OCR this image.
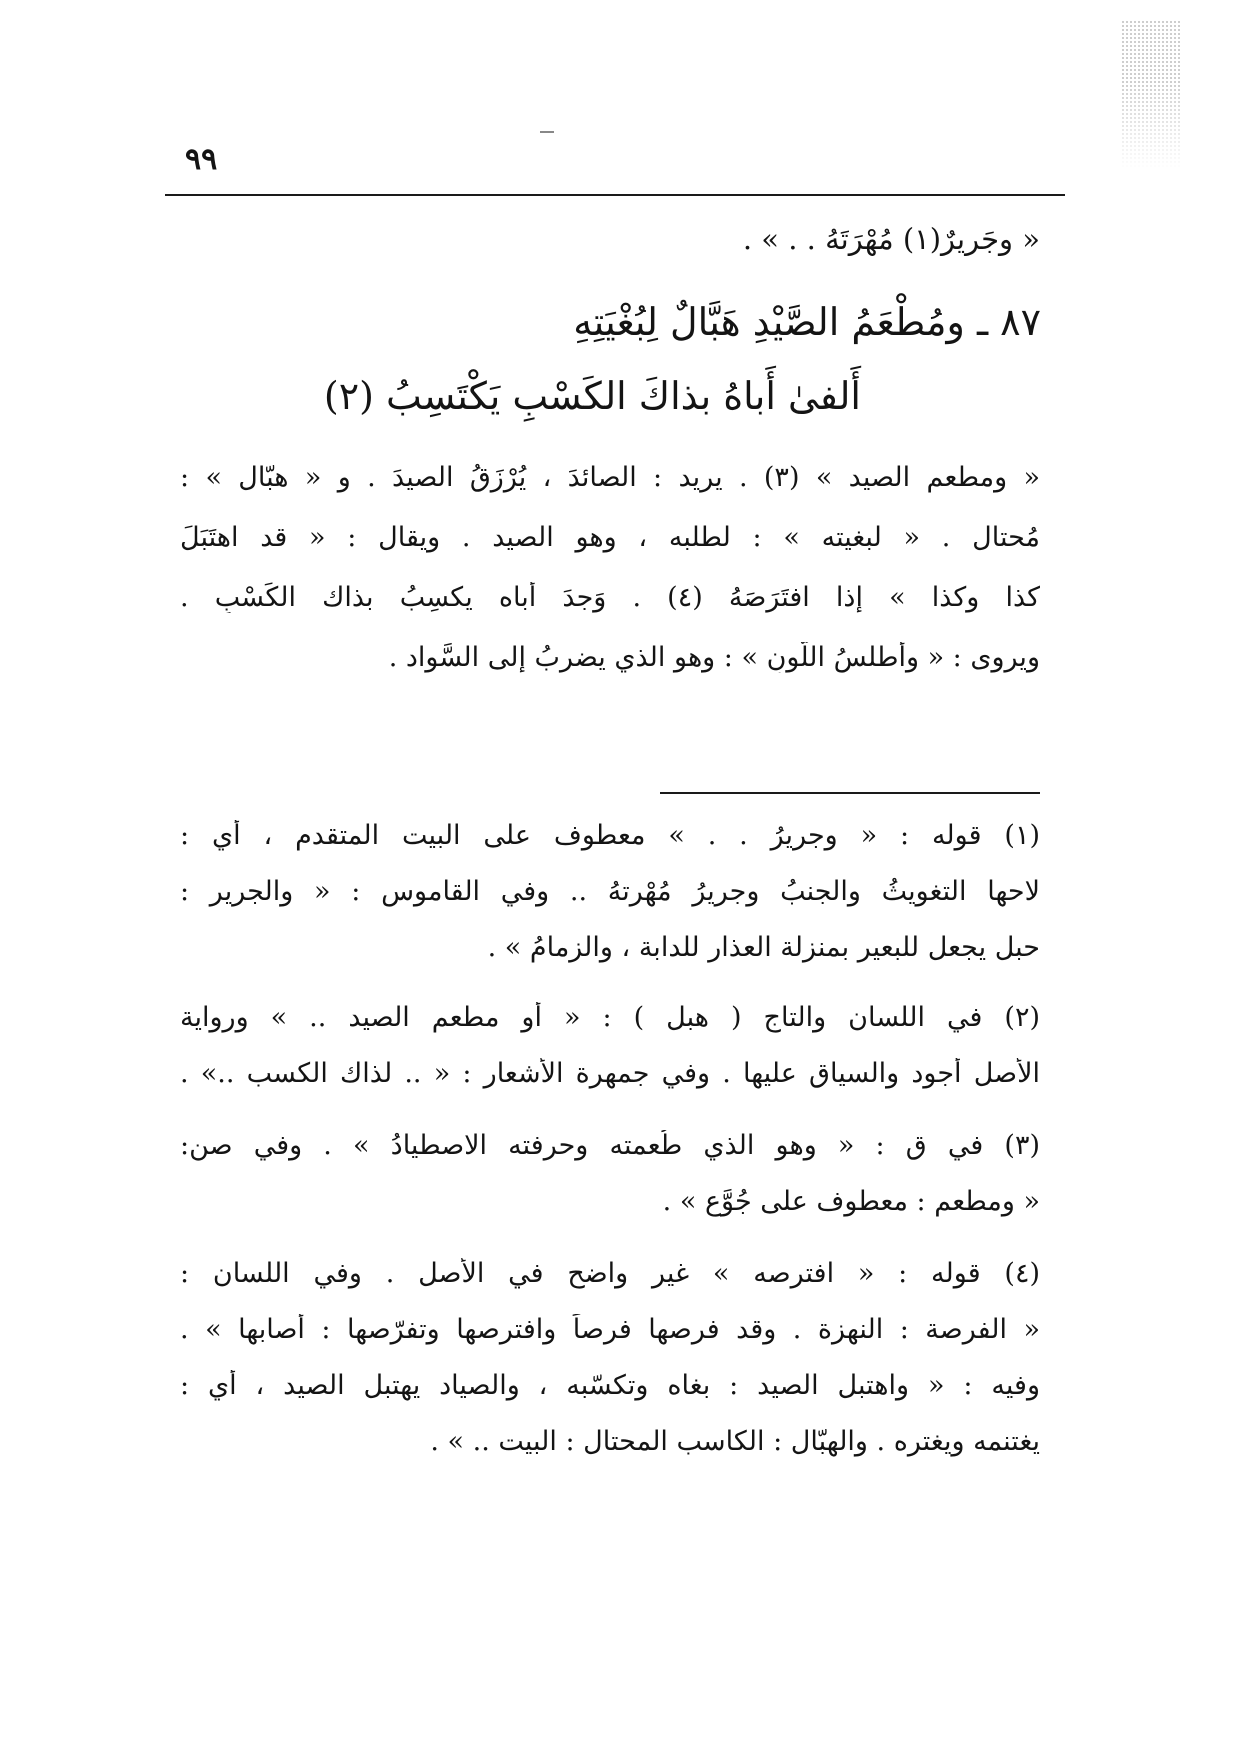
٩٩
« وجَرِيرٌ(١) مُهْرَتَهُ . . » .
٨٧ ـ ومُطْعَمُ الصَّيْدِ هَبَّالٌ لِبُغْيَتِهِ
أَلفىٰ أَباهُ بذاكَ الكَسْبِ يَكْتَسِبُ (٢)
« ومطعم الصيد » (٣) . يريد : الصائدَ ، يُرْزَقُ الصيدَ . و « هبّال » :
مُحتال . « لبغيته » : لطلبه ، وهو الصيد . ويقال : « قد اهتَبَلَ
كذا وكذا » إذا افتَرَصَهُ (٤) . وَجدَ أباه يكسِبُ بذاك الكَسْبِ .
ويروى : « وأطلسُ اللَّونِ » : وهو الذي يضربُ إلى السَّواد .
(١) قوله : « وجريرُ . . » معطوف على البيت المتقدم ، أي :
لاحها التغويثُ والجنبُ وجريرُ مُهْرتهُ .. وفي القاموس : « والجرير :
حبل يجعل للبعير بمنزلة العذار للدابة ، والزمامُ » .
(٢) في اللسان والتاج ( هبل ) : « أو مطعم الصيد .. » ورواية
الأصل أجود والسياق عليها . وفي جمهرة الأشعار : « .. لذاك الكسب ..» .
(٣) في ق : « وهو الذي طُعمته وحرفته الاصطيادُ » . وفي صن:
« ومطعم : معطوف على جُوَّع » .
(٤) قوله : « افترصه » غير واضح في الأصل . وفي اللسان :
« الفرصة : النهزة . وقد فرصها فرصاً وافترصها وتفرّصها : أصابها » .
وفيه : « واهتبل الصيد : بغاه وتكسّبه ، والصياد يهتبل الصيد ، أي :
يغتنمه ويغتره . والهبّال : الكاسب المحتال : البيت .. » .
